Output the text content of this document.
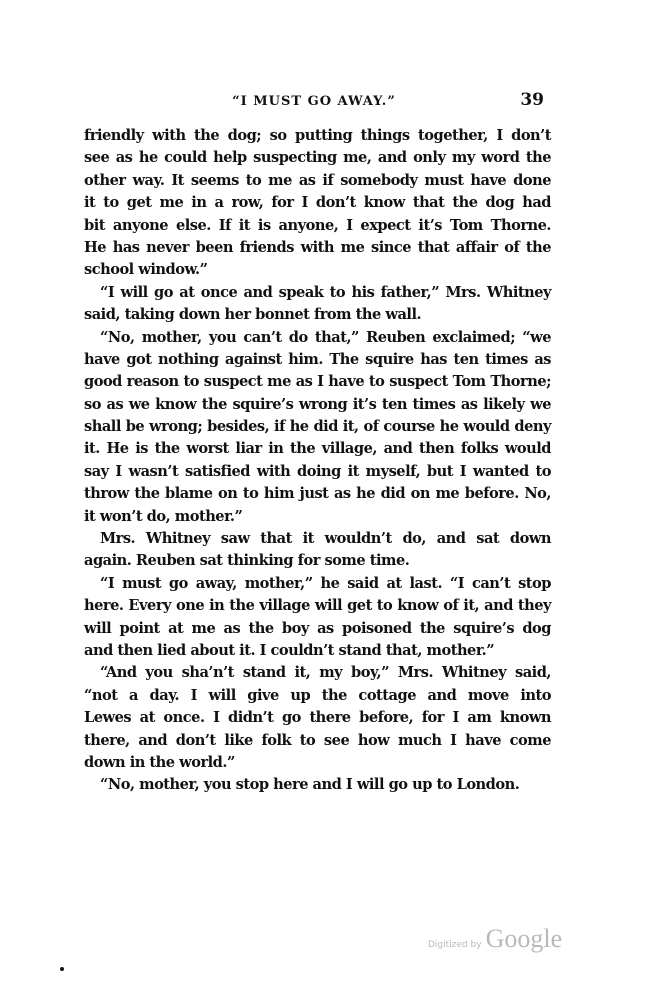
“I MUST GO AWAY.”	39
friendly with the dog; so putting things together, I don’t
see as he could help suspecting me, and only my word the
other way. It seems to me as if somebody must have done
it to get me in a row, for I don’t know that the dog had
bit anyone else. If it is anyone, I expect it’s Tom Thorne.
He has never been friends with me since that affair of the
school window.”
“I will go at once and speak to his father,” Mrs. Whitney
said, taking down her bonnet from the wall.
“No, mother, you can’t do that,” Reuben exclaimed; “we
have got nothing against him. The squire has ten times as
good reason to suspect me as I have to suspect Tom Thorne;
so as we know the squire’s wrong it’s ten times as likely we
shall be wrong; besides, if he did it, of course he would deny
it. He is the worst liar in the village, and then folks would
say I wasn’t satisfied with doing it myself, but I wanted to
throw the blame on to him just as he did on me before. No,
it won’t do, mother.”
Mrs. Whitney saw that it wouldn’t do, and sat down
again. Reuben sat thinking for some time.
“I must go away, mother,” he said at last. “I can’t stop
here. Every one in the village will get to know of it, and they
will point at me as the boy as poisoned the squire’s dog
and then lied about it. I couldn’t stand that, mother.”
“And you sha’n’t stand it, my boy,” Mrs. Whitney said,
“not a day. I will give up the cottage and move into
Lewes at once. I didn’t go there before, for I am known
there, and don’t like folk to see how much I have come
down in the world.”
“No, mother, you stop here and I will go up to London.
Digitized by Google
